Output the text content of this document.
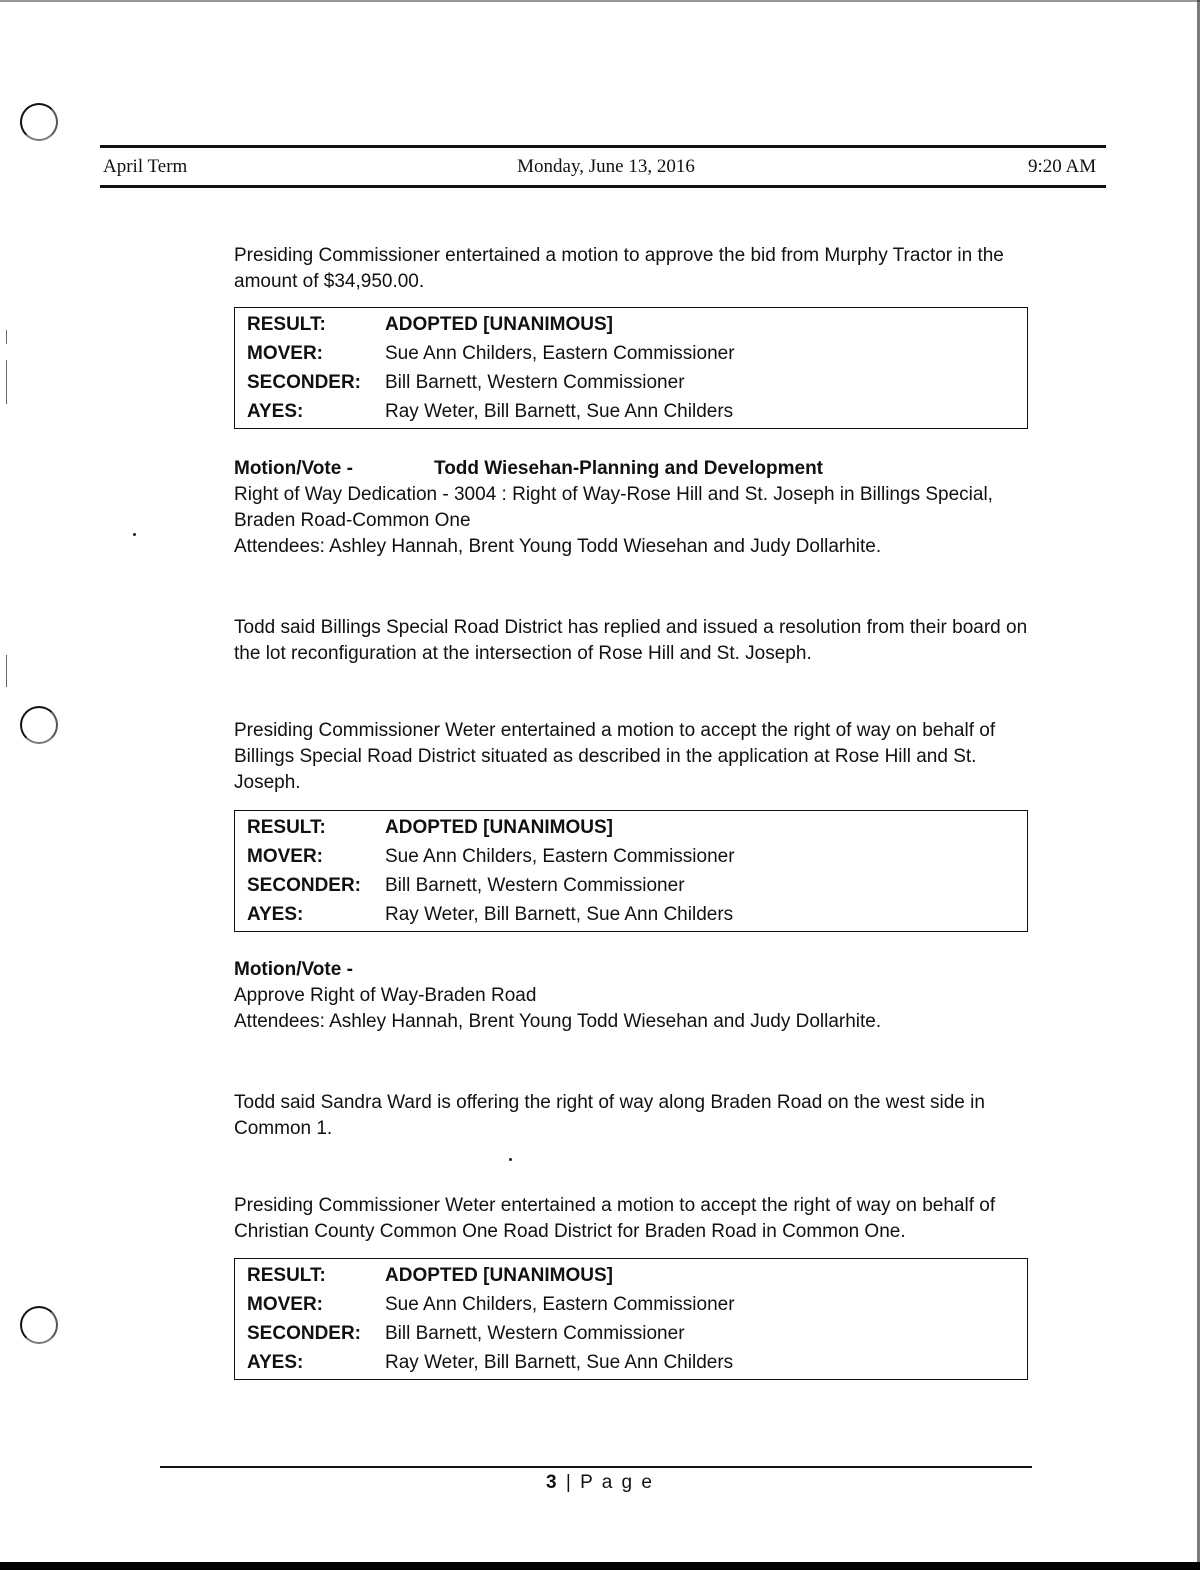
April Term	Monday, June 13, 2016	9:20 AM

Presiding Commissioner entertained a motion to approve the bid from Murphy Tractor in the amount of $34,950.00.

RESULT:	ADOPTED [UNANIMOUS]
MOVER:	Sue Ann Childers, Eastern Commissioner
SECONDER:	Bill Barnett, Western Commissioner
AYES:	Ray Weter, Bill Barnett, Sue Ann Childers
Motion/Vote -	Todd Wiesehan-Planning and Development

Right of Way Dedication - 3004 : Right of Way-Rose Hill and St. Joseph in Billings Special, Braden Road-Common One

Attendees: Ashley Hannah, Brent Young Todd Wiesehan and Judy Dollarhite.

Todd said Billings Special Road District has replied and issued a resolution from their board on the lot reconfiguration at the intersection of Rose Hill and St. Joseph.

Presiding Commissioner Weter entertained a motion to accept the right of way on behalf of Billings Special Road District situated as described in the application at Rose Hill and St. Joseph.

RESULT:	ADOPTED [UNANIMOUS]
MOVER:	Sue Ann Childers, Eastern Commissioner
SECONDER:	Bill Barnett, Western Commissioner
AYES:	Ray Weter, Bill Barnett, Sue Ann Childers
Motion/Vote -

Approve Right of Way-Braden Road

Attendees: Ashley Hannah, Brent Young Todd Wiesehan and Judy Dollarhite.

Todd said Sandra Ward is offering the right of way along Braden Road on the west side in Common 1.

Presiding Commissioner Weter entertained a motion to accept the right of way on behalf of Christian County Common One Road District for Braden Road in Common One.

RESULT:	ADOPTED [UNANIMOUS]
MOVER:	Sue Ann Childers, Eastern Commissioner
SECONDER:	Bill Barnett, Western Commissioner
AYES:	Ray Weter, Bill Barnett, Sue Ann Childers
3 | P a g e
